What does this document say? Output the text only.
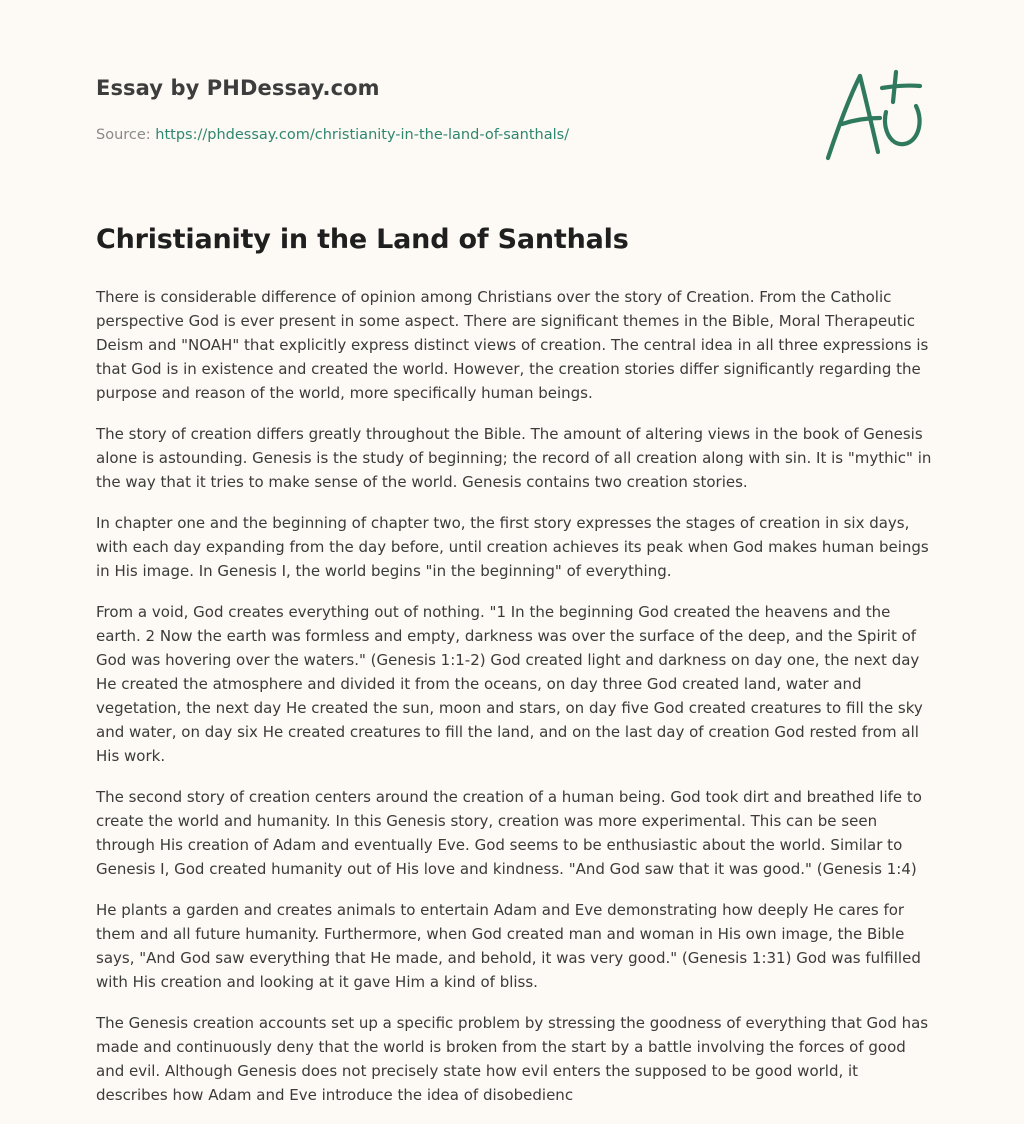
Essay by PHDessay.com
Source: https://phdessay.com/christianity-in-the-land-of-santhals/
Christianity in the Land of Santhals

There is considerable difference of opinion among Christians over the story of Creation. From the Catholic perspective God is ever present in some aspect. There are significant themes in the Bible, Moral Therapeutic Deism and "NOAH" that explicitly express distinct views of creation. The central idea in all three expressions is that God is in existence and created the world. However, the creation stories differ significantly regarding the purpose and reason of the world, more specifically human beings.

The story of creation differs greatly throughout the Bible. The amount of altering views in the book of Genesis alone is astounding. Genesis is the study of beginning; the record of all creation along with sin. It is "mythic" in the way that it tries to make sense of the world. Genesis contains two creation stories.

In chapter one and the beginning of chapter two, the first story expresses the stages of creation in six days, with each day expanding from the day before, until creation achieves its peak when God makes human beings in His image. In Genesis I, the world begins "in the beginning" of everything.

From a void, God creates everything out of nothing. "1 In the beginning God created the heavens and the earth. 2 Now the earth was formless and empty, darkness was over the surface of the deep, and the Spirit of God was hovering over the waters." (Genesis 1:1-2) God created light and darkness on day one, the next day He created the atmosphere and divided it from the oceans, on day three God created land, water and vegetation, the next day He created the sun, moon and stars, on day five God created creatures to fill the sky and water, on day six He created creatures to fill the land, and on the last day of creation God rested from all His work.

The second story of creation centers around the creation of a human being. God took dirt and breathed life to create the world and humanity. In this Genesis story, creation was more experimental. This can be seen through His creation of Adam and eventually Eve. God seems to be enthusiastic about the world. Similar to Genesis I, God created humanity out of His love and kindness. "And God saw that it was good." (Genesis 1:4)

He plants a garden and creates animals to entertain Adam and Eve demonstrating how deeply He cares for them and all future humanity. Furthermore, when God created man and woman in His own image, the Bible says, "And God saw everything that He made, and behold, it was very good." (Genesis 1:31) God was fulfilled with His creation and looking at it gave Him a kind of bliss.

The Genesis creation accounts set up a specific problem by stressing the goodness of everything that God has made and continuously deny that the world is broken from the start by a battle involving the forces of good and evil. Although Genesis does not precisely state how evil enters the supposed to be good world, it describes how Adam and Eve introduce the idea of disobedienc
